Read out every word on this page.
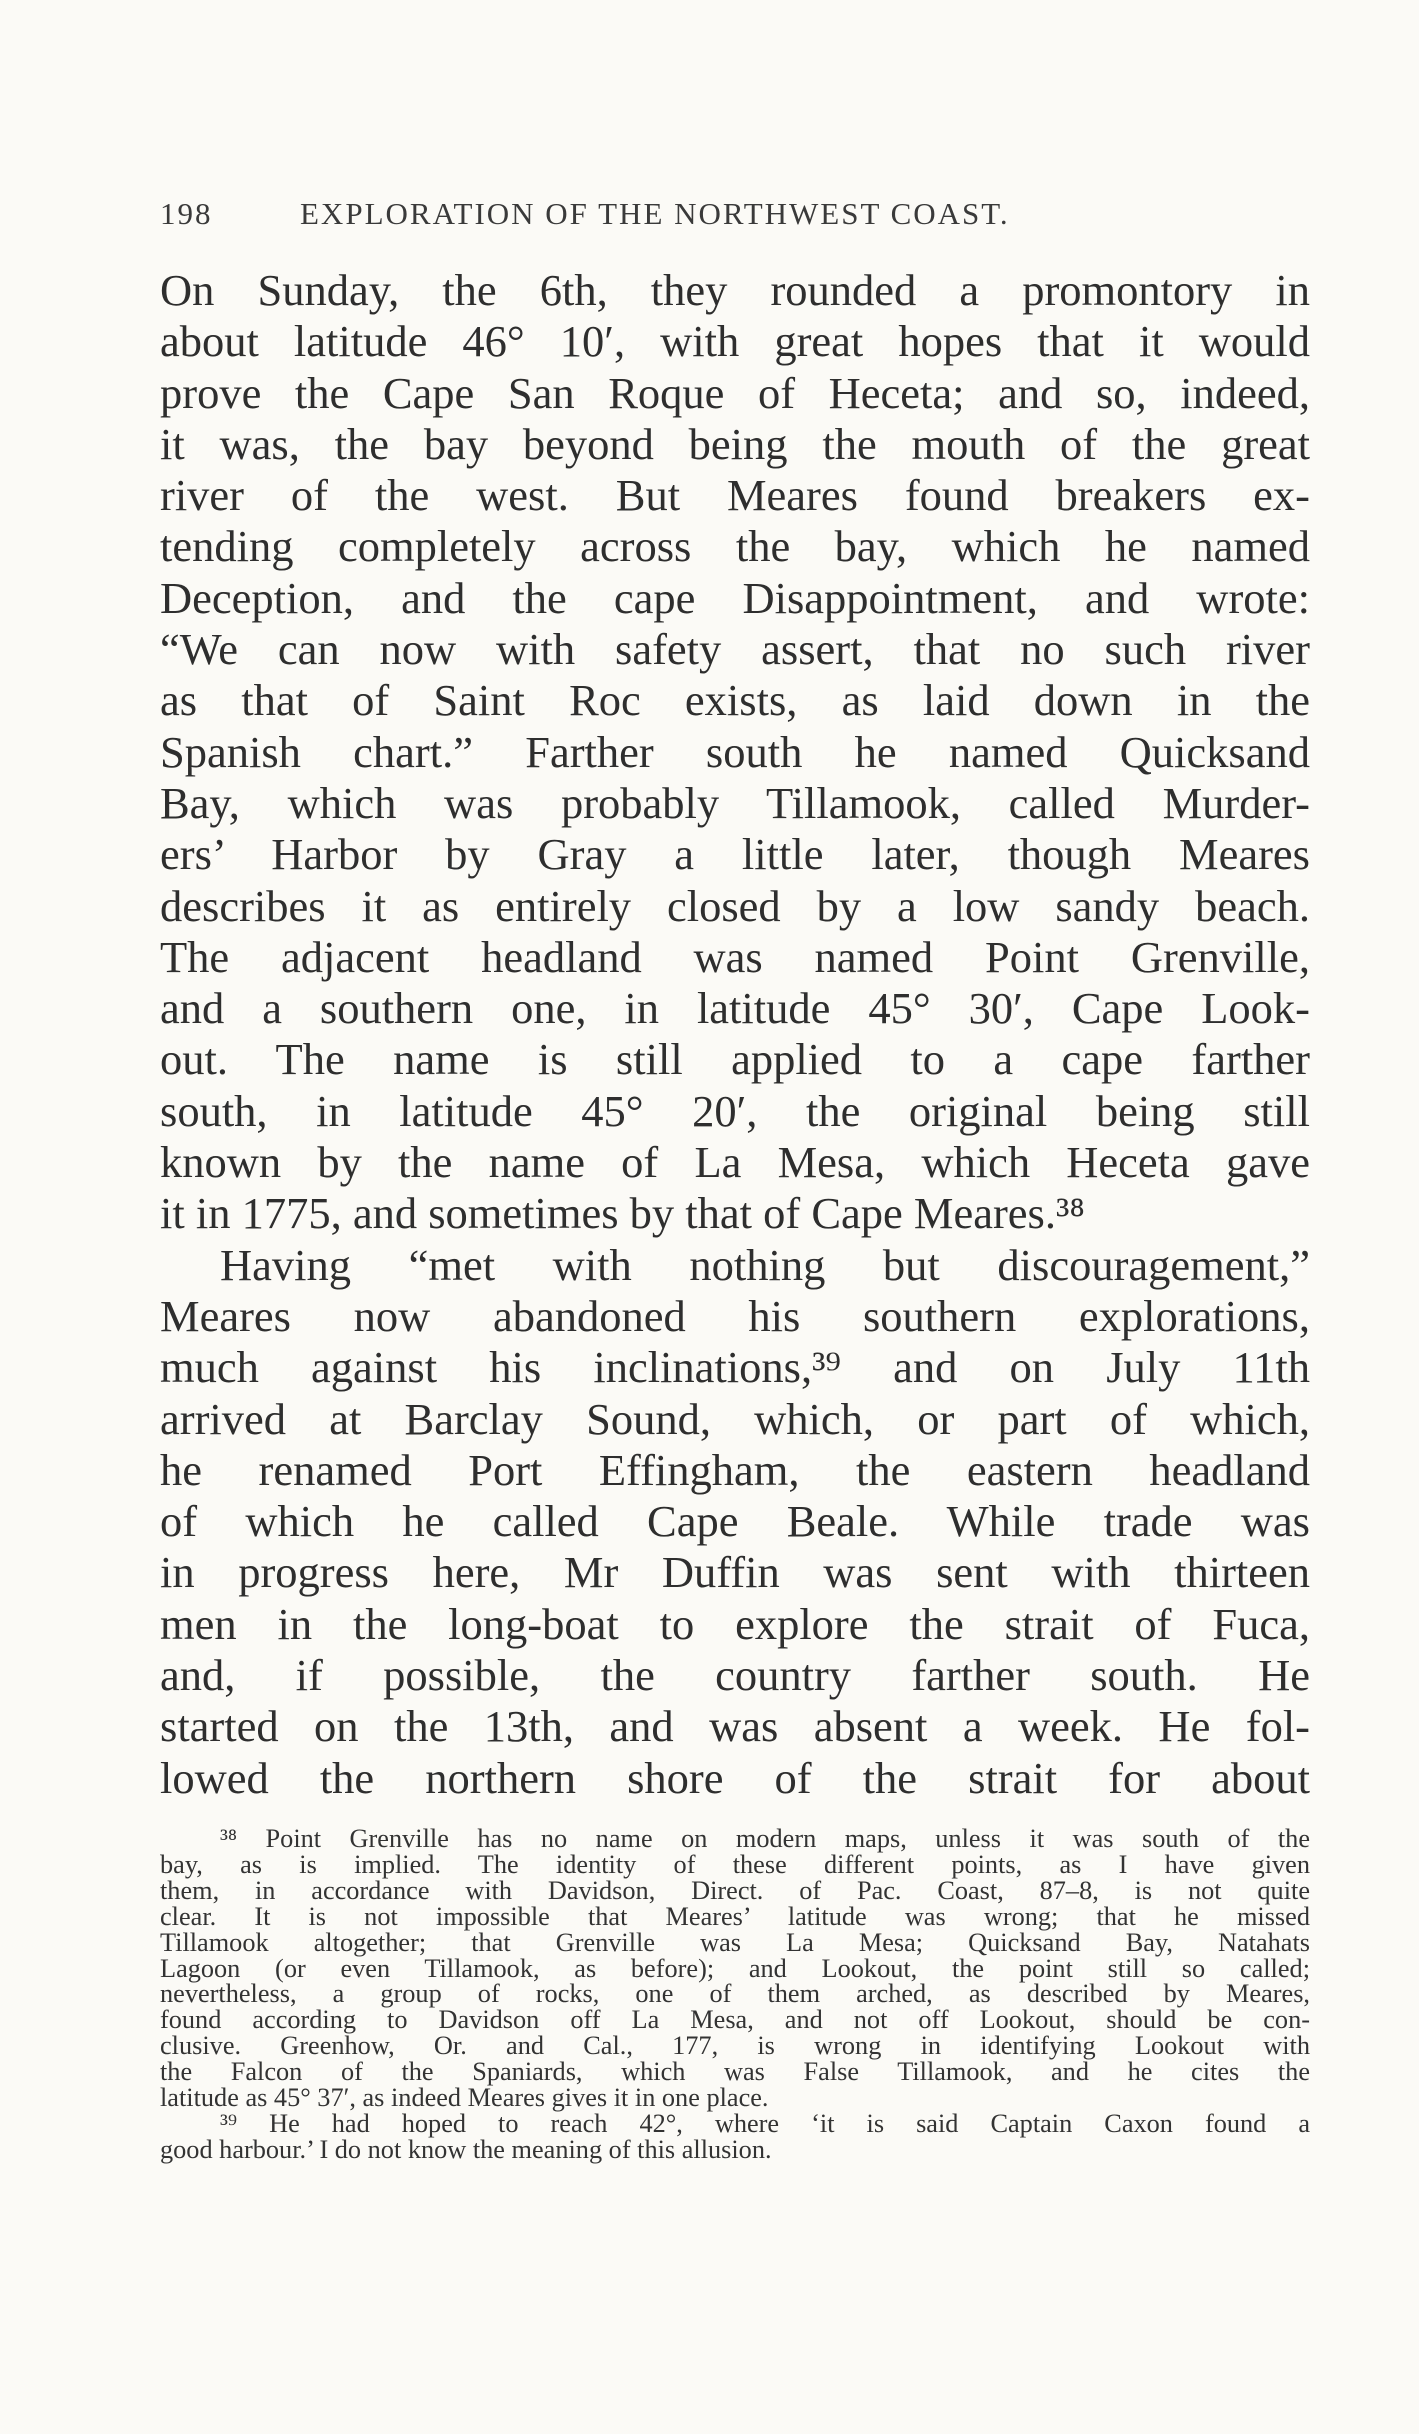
198	EXPLORATION OF THE NORTHWEST COAST.
On Sunday, the 6th, they rounded a promontory in
about latitude 46° 10′, with great hopes that it would
prove the Cape San Roque of Heceta; and so, indeed,
it was, the bay beyond being the mouth of the great
river of the west. But Meares found breakers ex-
tending completely across the bay, which he named
Deception, and the cape Disappointment, and wrote:
“We can now with safety assert, that no such river
as that of Saint Roc exists, as laid down in the
Spanish chart.” Farther south he named Quicksand
Bay, which was probably Tillamook, called Murder-
ers’ Harbor by Gray a little later, though Meares
describes it as entirely closed by a low sandy beach.
The adjacent headland was named Point Grenville,
and a southern one, in latitude 45° 30′, Cape Look-
out. The name is still applied to a cape farther
south, in latitude 45° 20′, the original being still
known by the name of La Mesa, which Heceta gave
it in 1775, and sometimes by that of Cape Meares.³⁸
Having “met with nothing but discouragement,”
Meares now abandoned his southern explorations,
much against his inclinations,³⁹ and on July 11th
arrived at Barclay Sound, which, or part of which,
he renamed Port Effingham, the eastern headland
of which he called Cape Beale. While trade was
in progress here, Mr Duffin was sent with thirteen
men in the long-boat to explore the strait of Fuca,
and, if possible, the country farther south. He
started on the 13th, and was absent a week. He fol-
lowed the northern shore of the strait for about
³⁸ Point Grenville has no name on modern maps, unless it was south of the
bay, as is implied. The identity of these different points, as I have given
them, in accordance with Davidson, Direct. of Pac. Coast, 87–8, is not quite
clear. It is not impossible that Meares’ latitude was wrong; that he missed
Tillamook altogether; that Grenville was La Mesa; Quicksand Bay, Natahats
Lagoon (or even Tillamook, as before); and Lookout, the point still so called;
nevertheless, a group of rocks, one of them arched, as described by Meares,
found according to Davidson off La Mesa, and not off Lookout, should be con-
clusive. Greenhow, Or. and Cal., 177, is wrong in identifying Lookout with
the Falcon of the Spaniards, which was False Tillamook, and he cites the
latitude as 45° 37′, as indeed Meares gives it in one place.
³⁹ He had hoped to reach 42°, where ‘it is said Captain Caxon found a
good harbour.’ I do not know the meaning of this allusion.
